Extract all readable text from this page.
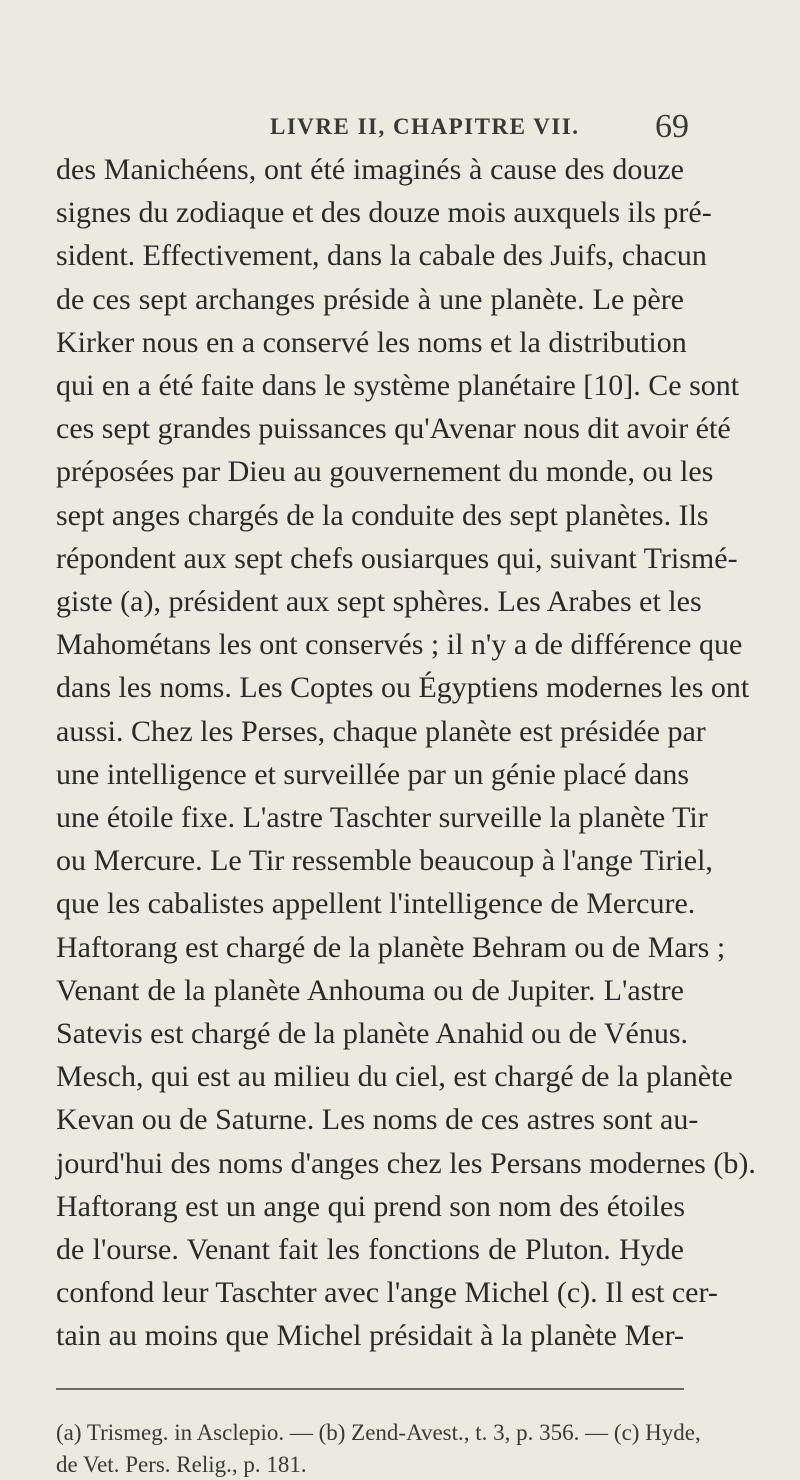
LIVRE II, CHAPITRE VII. 69
des Manichéens, ont été imaginés à cause des douze
signes du zodiaque et des douze mois auxquels ils pré-
sident. Effectivement, dans la cabale des Juifs, chacun
de ces sept archanges préside à une planète. Le père
Kirker nous en a conservé les noms et la distribution
qui en a été faite dans le système planétaire [10]. Ce sont
ces sept grandes puissances qu'Avenar nous dit avoir été
préposées par Dieu au gouvernement du monde, ou les
sept anges chargés de la conduite des sept planètes. Ils
répondent aux sept chefs ousiarques qui, suivant Trismé-
giste (a), président aux sept sphères. Les Arabes et les
Mahométans les ont conservés ; il n'y a de différence que
dans les noms. Les Coptes ou Égyptiens modernes les ont
aussi. Chez les Perses, chaque planète est présidée par
une intelligence et surveillée par un génie placé dans
une étoile fixe. L'astre Taschter surveille la planète Tir
ou Mercure. Le Tir ressemble beaucoup à l'ange Tiriel,
que les cabalistes appellent l'intelligence de Mercure.
Haftorang est chargé de la planète Behram ou de Mars ;
Venant de la planète Anhouma ou de Jupiter. L'astre
Satevis est chargé de la planète Anahid ou de Vénus.
Mesch, qui est au milieu du ciel, est chargé de la planète
Kevan ou de Saturne. Les noms de ces astres sont au-
jourd'hui des noms d'anges chez les Persans modernes (b).
Haftorang est un ange qui prend son nom des étoiles
de l'ourse. Venant fait les fonctions de Pluton. Hyde
confond leur Taschter avec l'ange Michel (c). Il est cer-
tain au moins que Michel présidait à la planète Mer-
(a) Trismeg. in Asclepio. — (b) Zend-Avest., t. 3, p. 356. — (c) Hyde,
de Vet. Pers. Relig., p. 181.
